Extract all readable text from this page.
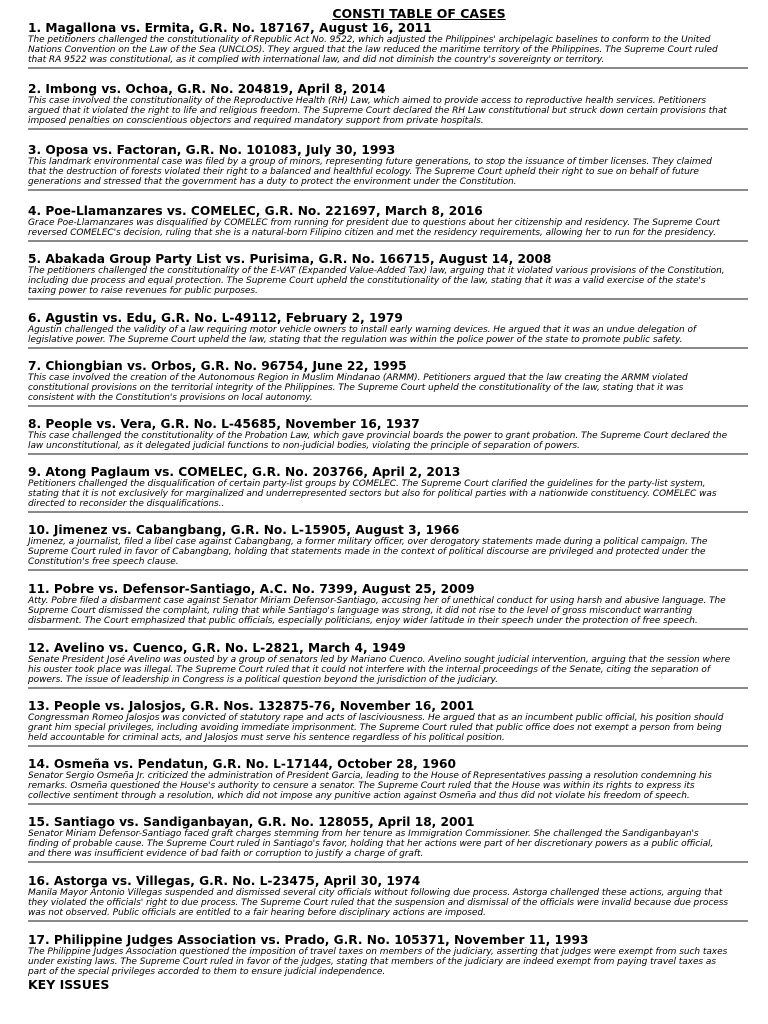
CONSTI TABLE OF CASES
1. Magallona vs. Ermita, G.R. No. 187167, August 16, 2011
The petitioners challenged the constitutionality of Republic Act No. 9522, which adjusted the Philippines' archipelagic baselines to conform to the United
Nations Convention on the Law of the Sea (UNCLOS). They argued that the law reduced the maritime territory of the Philippines. The Supreme Court ruled
that RA 9522 was constitutional, as it complied with international law, and did not diminish the country's sovereignty or territory.
2. Imbong vs. Ochoa, G.R. No. 204819, April 8, 2014
This case involved the constitutionality of the Reproductive Health (RH) Law, which aimed to provide access to reproductive health services. Petitioners
argued that it violated the right to life and religious freedom. The Supreme Court declared the RH Law constitutional but struck down certain provisions that
imposed penalties on conscientious objectors and required mandatory support from private hospitals.
3. Oposa vs. Factoran, G.R. No. 101083, July 30, 1993
This landmark environmental case was filed by a group of minors, representing future generations, to stop the issuance of timber licenses. They claimed
that the destruction of forests violated their right to a balanced and healthful ecology. The Supreme Court upheld their right to sue on behalf of future
generations and stressed that the government has a duty to protect the environment under the Constitution.
4. Poe-Llamanzares vs. COMELEC, G.R. No. 221697, March 8, 2016
Grace Poe-Llamanzares was disqualified by COMELEC from running for president due to questions about her citizenship and residency. The Supreme Court
reversed COMELEC's decision, ruling that she is a natural-born Filipino citizen and met the residency requirements, allowing her to run for the presidency.
5. Abakada Group Party List vs. Purisima, G.R. No. 166715, August 14, 2008
The petitioners challenged the constitutionality of the E-VAT (Expanded Value-Added Tax) law, arguing that it violated various provisions of the Constitution,
including due process and equal protection. The Supreme Court upheld the constitutionality of the law, stating that it was a valid exercise of the state's
taxing power to raise revenues for public purposes.
6. Agustin vs. Edu, G.R. No. L-49112, February 2, 1979
Agustin challenged the validity of a law requiring motor vehicle owners to install early warning devices. He argued that it was an undue delegation of
legislative power. The Supreme Court upheld the law, stating that the regulation was within the police power of the state to promote public safety.
7. Chiongbian vs. Orbos, G.R. No. 96754, June 22, 1995
This case involved the creation of the Autonomous Region in Muslim Mindanao (ARMM). Petitioners argued that the law creating the ARMM violated
constitutional provisions on the territorial integrity of the Philippines. The Supreme Court upheld the constitutionality of the law, stating that it was
consistent with the Constitution's provisions on local autonomy.
8. People vs. Vera, G.R. No. L-45685, November 16, 1937
This case challenged the constitutionality of the Probation Law, which gave provincial boards the power to grant probation. The Supreme Court declared the
law unconstitutional, as it delegated judicial functions to non-judicial bodies, violating the principle of separation of powers.
9. Atong Paglaum vs. COMELEC, G.R. No. 203766, April 2, 2013
Petitioners challenged the disqualification of certain party-list groups by COMELEC. The Supreme Court clarified the guidelines for the party-list system,
stating that it is not exclusively for marginalized and underrepresented sectors but also for political parties with a nationwide constituency. COMELEC was
directed to reconsider the disqualifications..
10. Jimenez vs. Cabangbang, G.R. No. L-15905, August 3, 1966
Jimenez, a journalist, filed a libel case against Cabangbang, a former military officer, over derogatory statements made during a political campaign. The
Supreme Court ruled in favor of Cabangbang, holding that statements made in the context of political discourse are privileged and protected under the
Constitution's free speech clause.
11. Pobre vs. Defensor-Santiago, A.C. No. 7399, August 25, 2009
Atty. Pobre filed a disbarment case against Senator Miriam Defensor-Santiago, accusing her of unethical conduct for using harsh and abusive language. The
Supreme Court dismissed the complaint, ruling that while Santiago's language was strong, it did not rise to the level of gross misconduct warranting
disbarment. The Court emphasized that public officials, especially politicians, enjoy wider latitude in their speech under the protection of free speech.
12. Avelino vs. Cuenco, G.R. No. L-2821, March 4, 1949
Senate President José Avelino was ousted by a group of senators led by Mariano Cuenco. Avelino sought judicial intervention, arguing that the session where
his ouster took place was illegal. The Supreme Court ruled that it could not interfere with the internal proceedings of the Senate, citing the separation of
powers. The issue of leadership in Congress is a political question beyond the jurisdiction of the judiciary.
13. People vs. Jalosjos, G.R. Nos. 132875-76, November 16, 2001
Congressman Romeo Jalosjos was convicted of statutory rape and acts of lasciviousness. He argued that as an incumbent public official, his position should
grant him special privileges, including avoiding immediate imprisonment. The Supreme Court ruled that public office does not exempt a person from being
held accountable for criminal acts, and Jalosjos must serve his sentence regardless of his political position.
14. Osmeña vs. Pendatun, G.R. No. L-17144, October 28, 1960
Senator Sergio Osmeña Jr. criticized the administration of President Garcia, leading to the House of Representatives passing a resolution condemning his
remarks. Osmeña questioned the House's authority to censure a senator. The Supreme Court ruled that the House was within its rights to express its
collective sentiment through a resolution, which did not impose any punitive action against Osmeña and thus did not violate his freedom of speech.
15. Santiago vs. Sandiganbayan, G.R. No. 128055, April 18, 2001
Senator Miriam Defensor-Santiago faced graft charges stemming from her tenure as Immigration Commissioner. She challenged the Sandiganbayan's
finding of probable cause. The Supreme Court ruled in Santiago's favor, holding that her actions were part of her discretionary powers as a public official,
and there was insufficient evidence of bad faith or corruption to justify a charge of graft.
16. Astorga vs. Villegas, G.R. No. L-23475, April 30, 1974
Manila Mayor Antonio Villegas suspended and dismissed several city officials without following due process. Astorga challenged these actions, arguing that
they violated the officials' right to due process. The Supreme Court ruled that the suspension and dismissal of the officials were invalid because due process
was not observed. Public officials are entitled to a fair hearing before disciplinary actions are imposed.
17. Philippine Judges Association vs. Prado, G.R. No. 105371, November 11, 1993
The Philippine Judges Association questioned the imposition of travel taxes on members of the judiciary, asserting that judges were exempt from such taxes
under existing laws. The Supreme Court ruled in favor of the judges, stating that members of the judiciary are indeed exempt from paying travel taxes as
part of the special privileges accorded to them to ensure judicial independence.
KEY ISSUES
